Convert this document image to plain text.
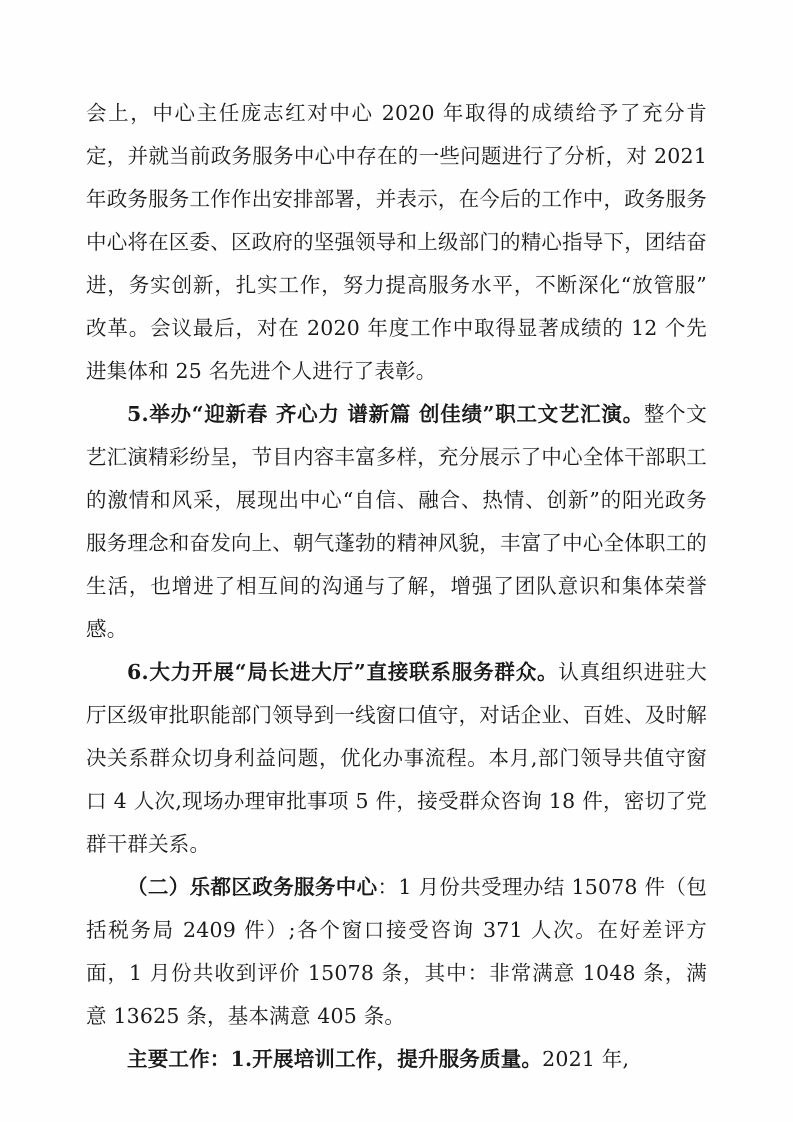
会上，中心主任庞志红对中心 2020 年取得的成绩给予了充分肯定，并就当前政务服务中心中存在的一些问题进行了分析，对 2021 年政务服务工作作出安排部署，并表示，在今后的工作中，政务服务中心将在区委、区政府的坚强领导和上级部门的精心指导下，团结奋进，务实创新，扎实工作，努力提高服务水平，不断深化“放管服”改革。会议最后，对在 2020 年度工作中取得显著成绩的 12 个先进集体和 25 名先进个人进行了表彰。

5.举办“迎新春 齐心力 谱新篇 创佳绩”职工文艺汇演。整个文艺汇演精彩纷呈，节目内容丰富多样，充分展示了中心全体干部职工的激情和风采，展现出中心“自信、融合、热情、创新”的阳光政务服务理念和奋发向上、朝气蓬勃的精神风貌，丰富了中心全体职工的生活，也增进了相互间的沟通与了解，增强了团队意识和集体荣誉感。

6.大力开展“局长进大厅”直接联系服务群众。认真组织进驻大厅区级审批职能部门领导到一线窗口值守，对话企业、百姓、及时解决关系群众切身利益问题，优化办事流程。本月,部门领导共值守窗口 4 人次,现场办理审批事项 5 件，接受群众咨询 18 件，密切了党群干群关系。

（二）乐都区政务服务中心：1 月份共受理办结 15078 件（包括税务局 2409 件）;各个窗口接受咨询 371 人次。在好差评方面，1 月份共收到评价 15078 条，其中：非常满意 1048 条，满意 13625 条，基本满意 405 条。

主要工作：1.开展培训工作，提升服务质量。2021 年,
